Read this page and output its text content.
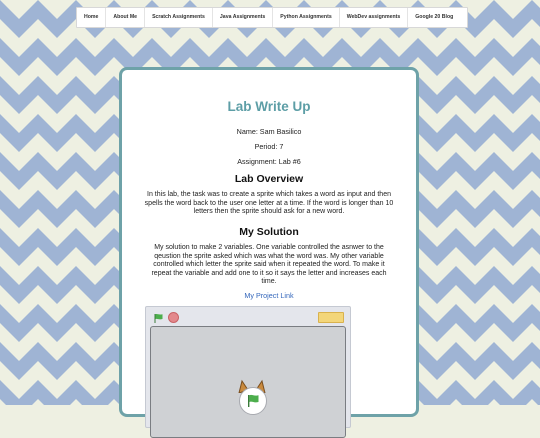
Home	About Me	Scratch Assignments	Java Assignments	Python Assignments	WebDev assignments	Google 20 Blog
Lab Write Up

Name: Sam Basilico

Period: 7

Assignment: Lab #6

Lab Overview

In this lab, the task was to create a sprite which takes a word as input and then spells the word back to the user one letter at a time. If the word is longer than 10 letters then the sprite should ask for a new word.

My Solution

My solution to make 2 variables. One variable controlled the asnwer to the qeustion the sprite asked which was what the word was. My other variable controlled which letter the sprite said when it repeated the word. To make it repeat the variable and add one to it so it says the letter and increases each time.

My Project Link
